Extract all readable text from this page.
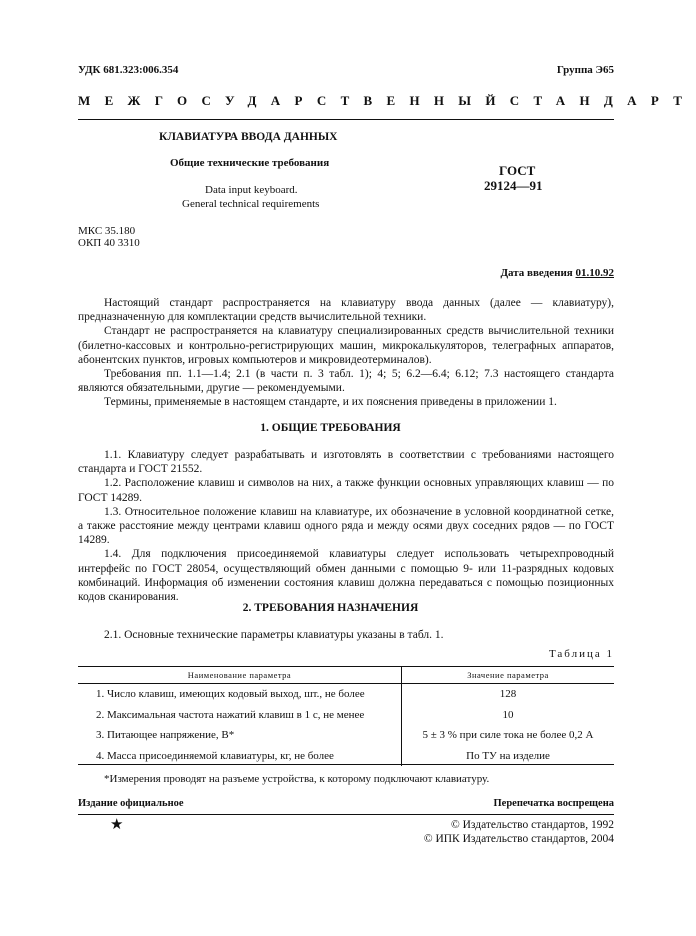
УДК 681.323:006.354	Группа Э65
МЕЖГОСУДАРСТВЕННЫЙ СТАНДАРТ
КЛАВИАТУРА ВВОДА ДАННЫХ
Общие технические требования
Data input keyboard.
General technical requirements
ГОСТ
29124—91
МКС 35.180
ОКП 40 3310
Дата введения 01.10.92

Настоящий стандарт распространяется на клавиатуру ввода данных (далее — клавиатуру), предназначенную для комплектации средств вычислительной техники.

Стандарт не распространяется на клавиатуру специализированных средств вычислительной техники (билетно-кассовых и контрольно-регистрирующих машин, микрокалькуляторов, телеграфных аппаратов, абонентских пунктов, игровых компьютеров и микровидеотерминалов).

Требования пп. 1.1—1.4; 2.1 (в части п. 3 табл. 1); 4; 5; 6.2—6.4; 6.12; 7.3 настоящего стандарта являются обязательными, другие — рекомендуемыми.

Термины, применяемые в настоящем стандарте, и их пояснения приведены в приложении 1.

1. ОБЩИЕ ТРЕБОВАНИЯ

1.1. Клавиатуру следует разрабатывать и изготовлять в соответствии с требованиями настоящего стандарта и ГОСТ 21552.

1.2. Расположение клавиш и символов на них, а также функции основных управляющих клавиш — по ГОСТ 14289.

1.3. Относительное положение клавиш на клавиатуре, их обозначение в условной координатной сетке, а также расстояние между центрами клавиш одного ряда и между осями двух соседних рядов — по ГОСТ 14289.

1.4. Для подключения присоединяемой клавиатуры следует использовать четырехпроводный интерфейс по ГОСТ 28054, осуществляющий обмен данными с помощью 9- или 11-разрядных кодовых комбинаций. Информация об изменении состояния клавиш должна передаваться с помощью позиционных кодов сканирования.

2. ТРЕБОВАНИЯ НАЗНАЧЕНИЯ

2.1. Основные технические параметры клавиатуры указаны в табл. 1.

Таблица 1
Наименование параметра	Значение параметра
1. Число клавиш, имеющих кодовый выход, шт., не более	128
2. Максимальная частота нажатий клавиш в 1 с, не менее	10
3. Питающее напряжение, В*	5 ± 3 % при силе тока не более 0,2 А
4. Масса присоединяемой клавиатуры, кг, не более	По ТУ на изделие
*Измерения проводят на разъеме устройства, к которому подключают клавиатуру.
Издание официальное	Перепечатка воспрещена
★	© Издательство стандартов, 1992
© ИПК Издательство стандартов, 2004
